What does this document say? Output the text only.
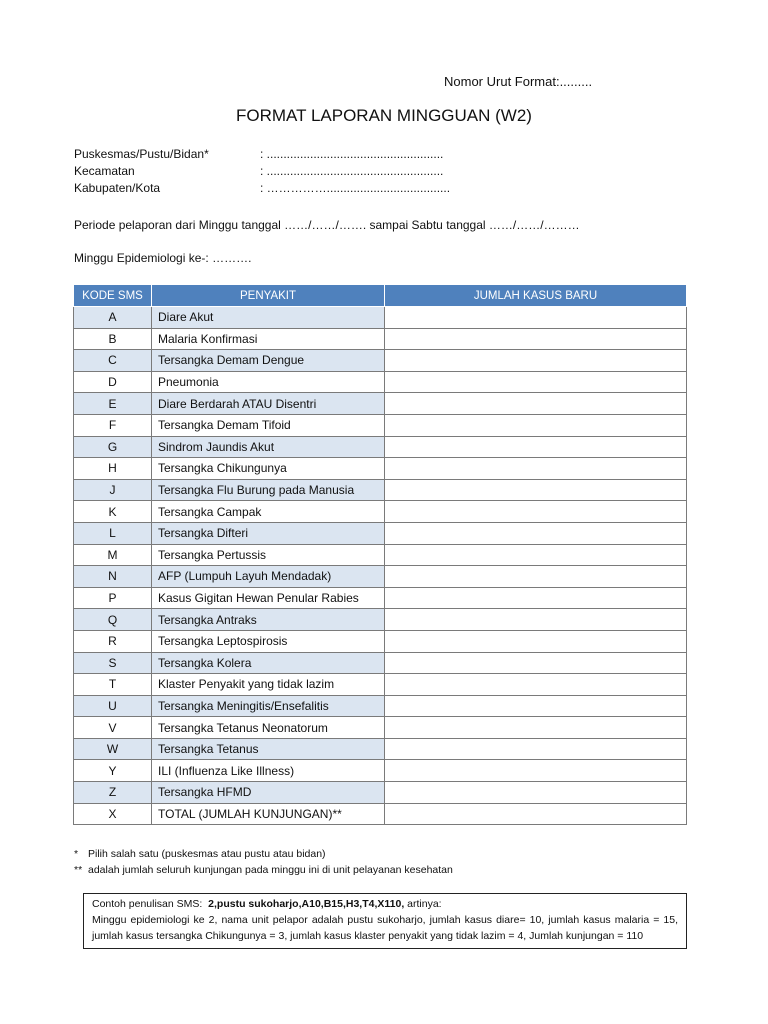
Nomor Urut Format:.........
FORMAT LAPORAN MINGGUAN (W2)
Puskesmas/Pustu/Bidan*	: .....................................................
Kecamatan	: .....................................................
Kabupaten/Kota	: …………….....................................
Periode pelaporan dari Minggu tanggal ……/……/……. sampai Sabtu tanggal ……/……/………
Minggu Epidemiologi ke-: ……….
KODE SMS	PENYAKIT	JUMLAH KASUS BARU
A	Diare Akut	
B	Malaria Konfirmasi	
C	Tersangka Demam Dengue	
D	Pneumonia	
E	Diare Berdarah ATAU Disentri	
F	Tersangka Demam Tifoid	
G	Sindrom Jaundis Akut	
H	Tersangka Chikungunya	
J	Tersangka Flu Burung pada Manusia	
K	Tersangka Campak	
L	Tersangka Difteri	
M	Tersangka Pertussis	
N	AFP (Lumpuh Layuh Mendadak)	
P	Kasus Gigitan Hewan Penular Rabies	
Q	Tersangka Antraks	
R	Tersangka Leptospirosis	
S	Tersangka Kolera	
T	Klaster Penyakit yang tidak lazim	
U	Tersangka Meningitis/Ensefalitis	
V	Tersangka Tetanus Neonatorum	
W	Tersangka Tetanus	
Y	ILI (Influenza Like Illness)	
Z	Tersangka HFMD	
X	TOTAL (JUMLAH KUNJUNGAN)**	
* Pilih salah satu (puskesmas atau pustu atau bidan)
** adalah jumlah seluruh kunjungan pada minggu ini di unit pelayanan kesehatan
Contoh penulisan SMS: 2,pustu sukoharjo,A10,B15,H3,T4,X110, artinya:
Minggu epidemiologi ke 2, nama unit pelapor adalah pustu sukoharjo, jumlah kasus diare= 10, jumlah kasus malaria = 15, jumlah kasus tersangka Chikungunya = 3, jumlah kasus klaster penyakit yang tidak lazim = 4, Jumlah kunjungan = 110
